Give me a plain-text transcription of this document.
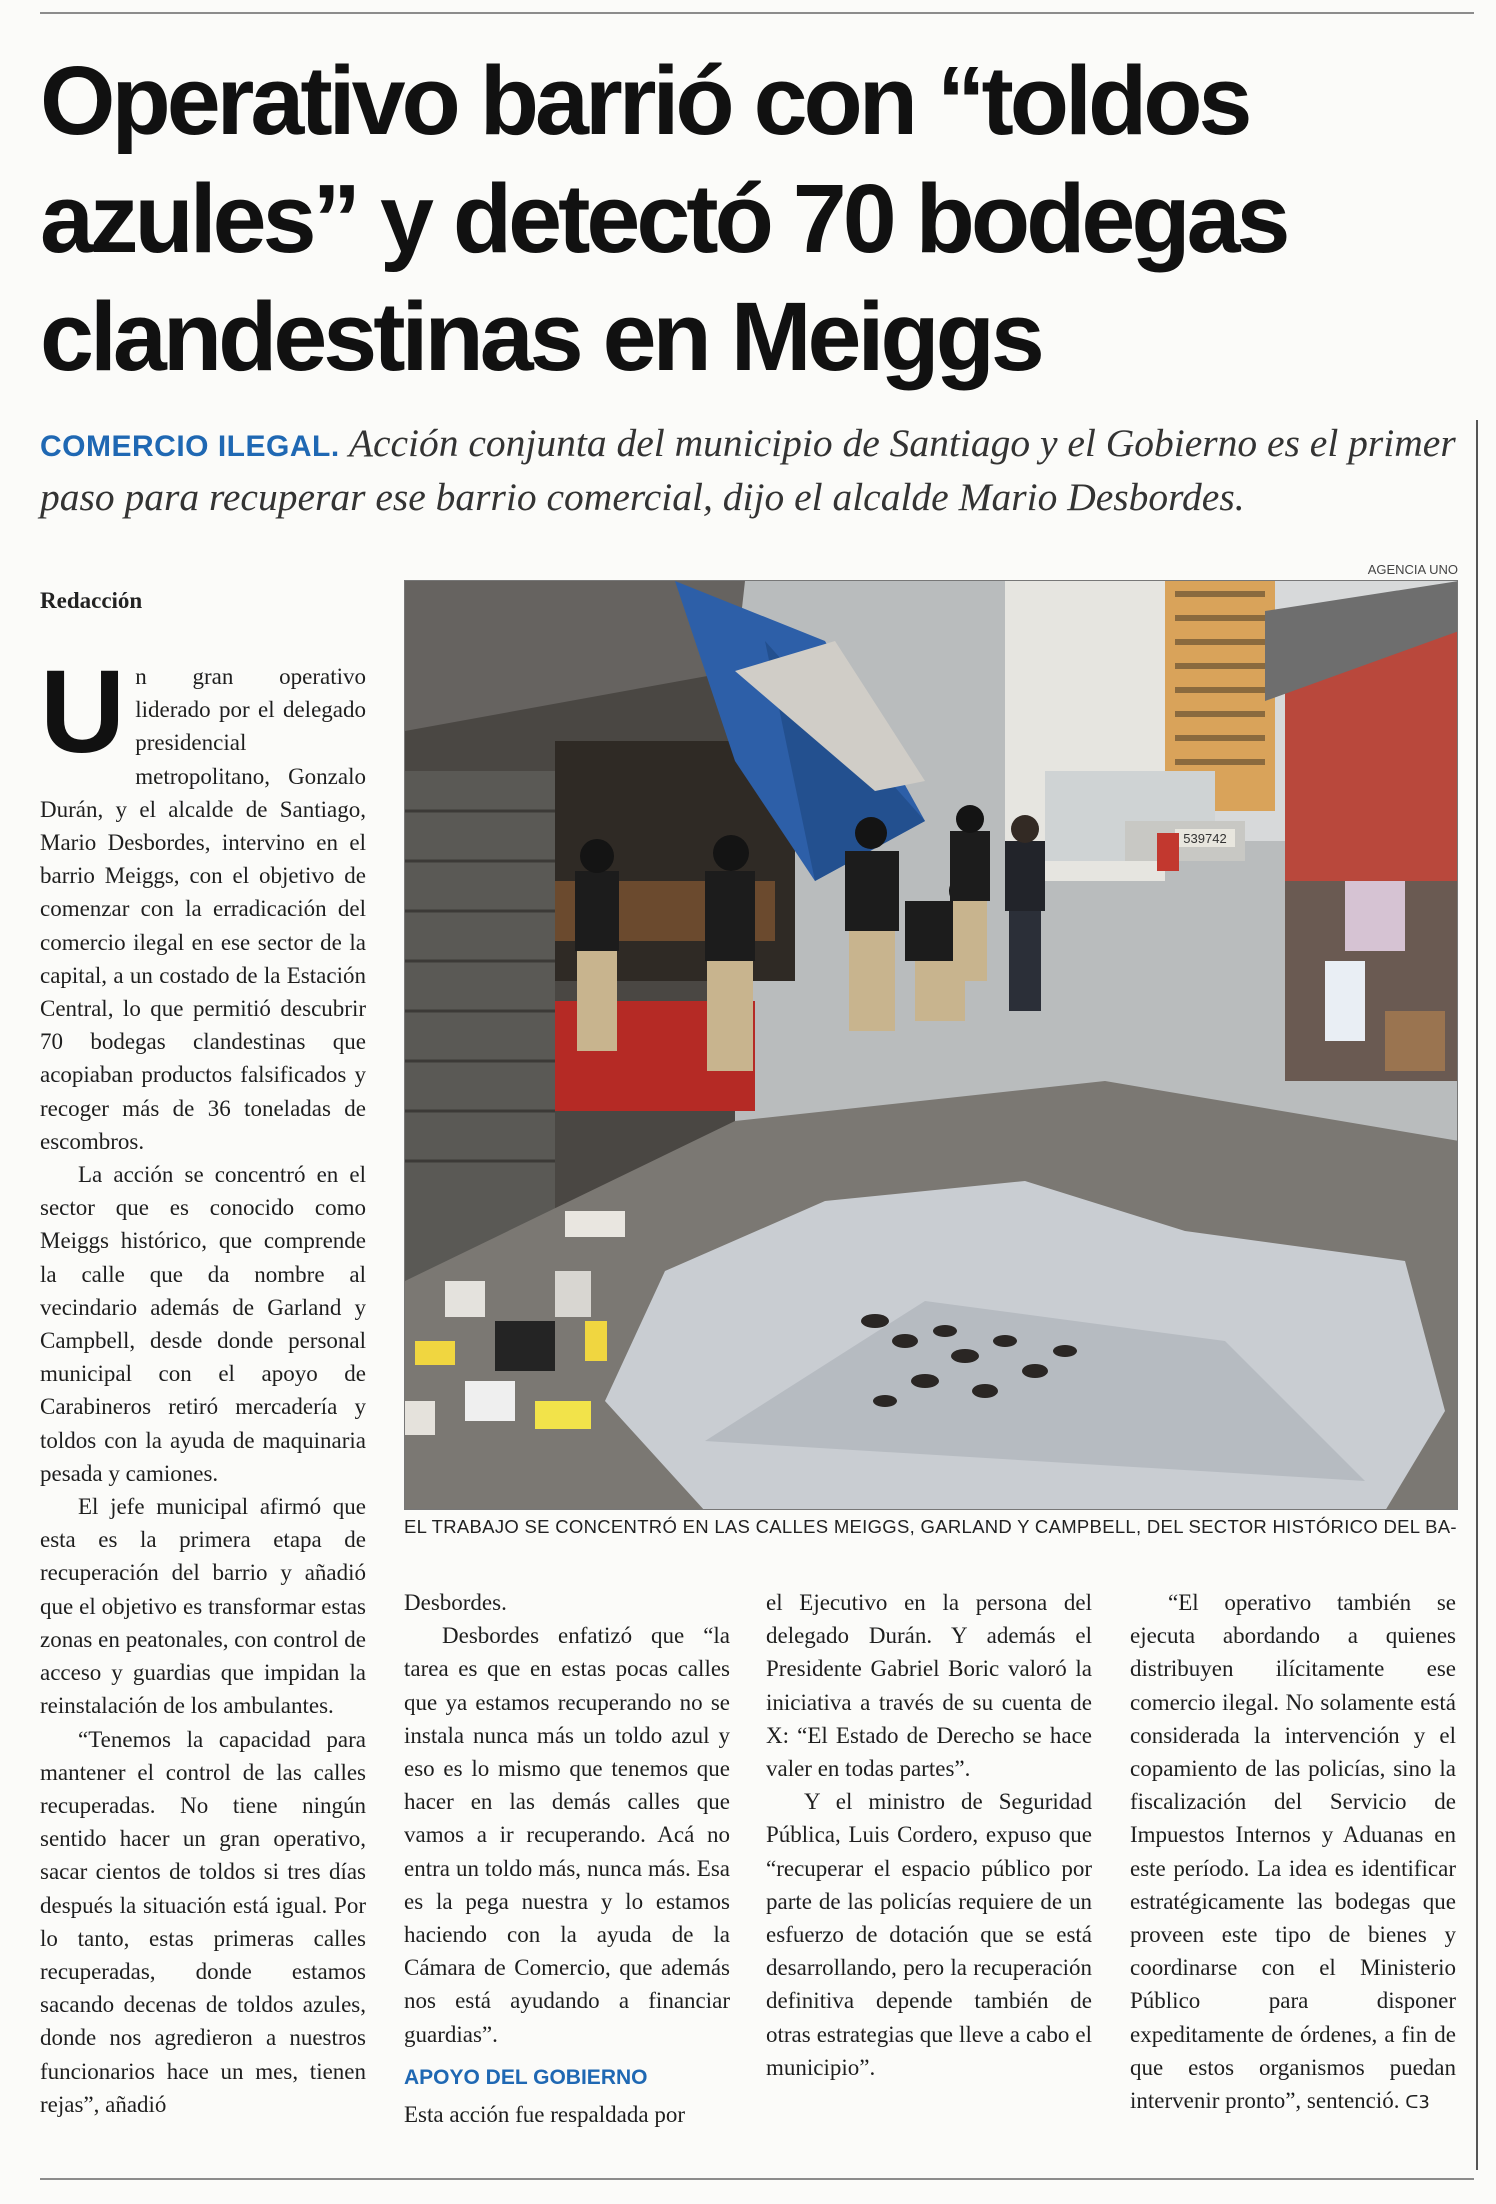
Operativo barrió con “toldos azules” y detectó 70 bodegas clandestinas en Meiggs

COMERCIO ILEGAL. Acción conjunta del municipio de Santiago y el Gobierno es el primer paso para recuperar ese barrio comercial, dijo el alcalde Mario Desbordes.

AGENCIA UNO
539742
EL TRABAJO SE CONCENTRÓ EN LAS CALLES MEIGGS, GARLAND Y CAMPBELL, DEL SECTOR HISTÓRICO DEL BA-
Redacción

Un gran operativo liderado por el delegado presidencial metropolitano, Gonzalo Durán, y el alcalde de Santiago, Mario Desbordes, intervino en el barrio Meiggs, con el objetivo de comenzar con la erradicación del comercio ilegal en ese sector de la capital, a un costado de la Estación Central, lo que permitió descubrir 70 bodegas clandestinas que acopiaban productos falsificados y recoger más de 36 toneladas de escombros.

La acción se concentró en el sector que es conocido como Meiggs histórico, que comprende la calle que da nombre al vecindario además de Garland y Campbell, desde donde personal municipal con el apoyo de Carabineros retiró mercadería y toldos con la ayuda de maquinaria pesada y camiones.

El jefe municipal afirmó que esta es la primera etapa de recuperación del barrio y añadió que el objetivo es transformar estas zonas en peatonales, con control de acceso y guardias que impidan la reinstalación de los ambulantes.

“Tenemos la capacidad para mantener el control de las calles recuperadas. No tiene ningún sentido hacer un gran operativo, sacar cientos de toldos si tres días después la situación está igual. Por lo tanto, estas primeras calles recuperadas, donde estamos sacando decenas de toldos azules, donde nos agredieron a nuestros funcionarios hace un mes, tienen rejas”, añadió

Desbordes.

Desbordes enfatizó que “la tarea es que en estas pocas calles que ya estamos recuperando no se instala nunca más un toldo azul y eso es lo mismo que tenemos que hacer en las demás calles que vamos a ir recuperando. Acá no entra un toldo más, nunca más. Esa es la pega nuestra y lo estamos haciendo con la ayuda de la Cámara de Comercio, que además nos está ayudando a financiar guardias”.

APOYO DEL GOBIERNO

Esta acción fue respaldada por

el Ejecutivo en la persona del delegado Durán. Y además el Presidente Gabriel Boric valoró la iniciativa a través de su cuenta de X: “El Estado de Derecho se hace valer en todas partes”.

Y el ministro de Seguridad Pública, Luis Cordero, expuso que “recuperar el espacio público por parte de las policías requiere de un esfuerzo de dotación que se está desarrollando, pero la recuperación definitiva depende también de otras estrategias que lleve a cabo el municipio”.

“El operativo también se ejecuta abordando a quienes distribuyen ilícitamente ese comercio ilegal. No solamente está considerada la intervención y el copamiento de las policías, sino la fiscalización del Servicio de Impuestos Internos y Aduanas en este período. La idea es identificar estratégicamente las bodegas que proveen este tipo de bienes y coordinarse con el Ministerio Público para disponer expeditamente de órdenes, a fin de que estos organismos puedan intervenir pronto”, sentenció. ᑕ3
